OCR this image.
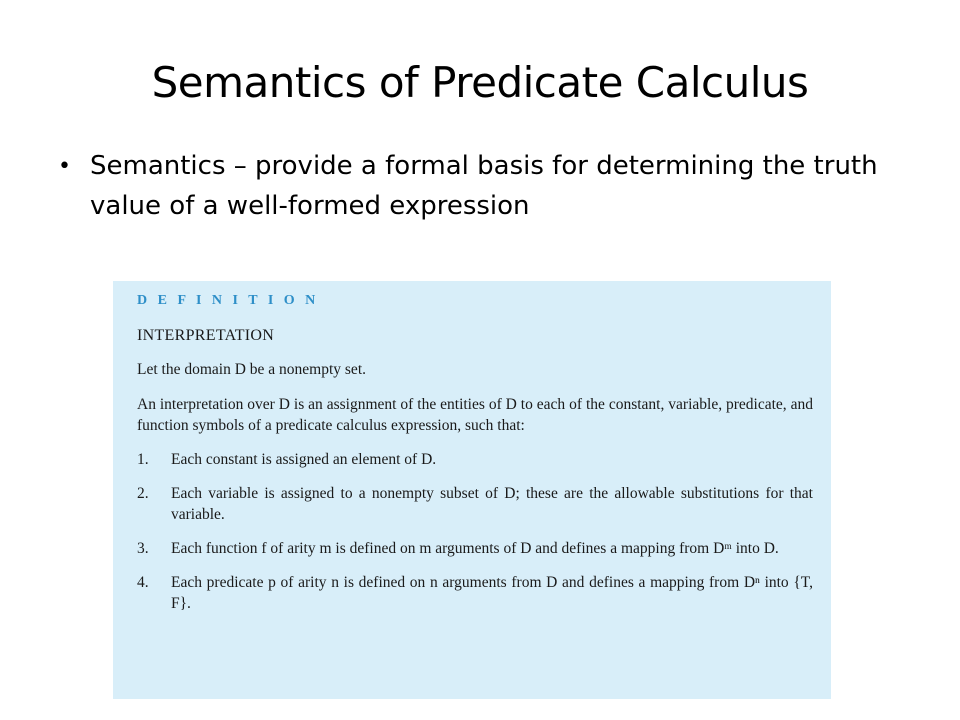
Semantics of Predicate Calculus
• Semantics – provide a formal basis for determining the truth value of a well-formed expression
D E F I N I T I O N
INTERPRETATION
Let the domain D be a nonempty set.
An interpretation over D is an assignment of the entities of D to each of the constant, variable, predicate, and function symbols of a predicate calculus expression, such that:
1.	Each constant is assigned an element of D.
2.	Each variable is assigned to a nonempty subset of D; these are the allowable substitutions for that variable.
3.	Each function f of arity m is defined on m arguments of D and defines a mapping from Dᵐ into D.
4.	Each predicate p of arity n is defined on n arguments from D and defines a mapping from Dⁿ into {T, F}.
